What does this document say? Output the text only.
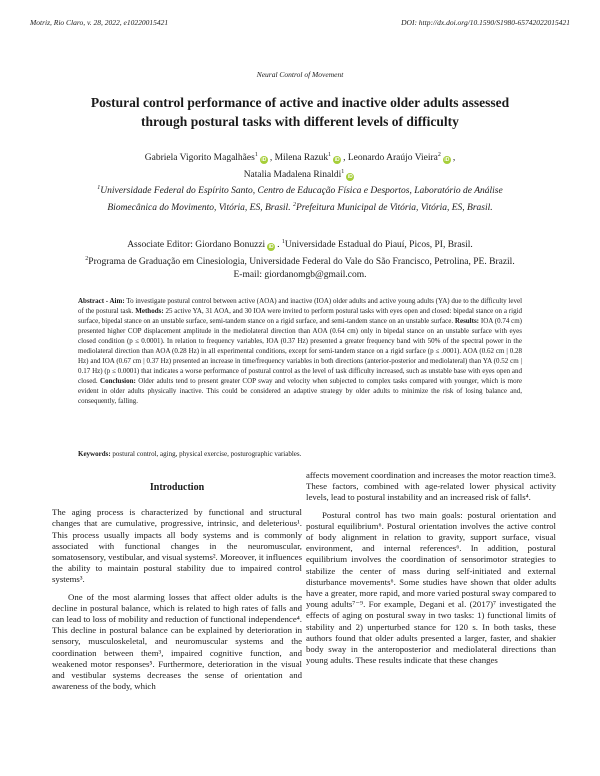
Motriz, Rio Claro, v. 28, 2022, e10220015421	DOI: http://dx.doi.org/10.1590/S1980-65742022015421
Neural Control of Movement
Postural control performance of active and inactive older adults assessed through postural tasks with different levels of difficulty
Gabriela Vigorito Magalhães$^1$iD , Milena Razuk$^1$iD , Leonardo Araújo Vieira$^2$iD ,
Natalia Madalena Rinaldi$^1$iD
$^1$Universidade Federal do Espírito Santo, Centro de Educação Física e Desportos, Laboratório de Análise Biomecânica do Movimento, Vitória, ES, Brasil. $^2$Prefeitura Municipal de Vitória, Vitória, ES, Brasil.
Associate Editor: Giordano Bonuzzi iD . $^1$Universidade Estadual do Piauí, Picos, PI, Brasil.
$^2$Programa de Graduação em Cinesiologia, Universidade Federal do Vale do São Francisco, Petrolina, PE. Brazil. E-mail: giordanomgb@gmail.com.
Abstract - Aim: To investigate postural control between active (AOA) and inactive (IOA) older adults and active young adults (YA) due to the difficulty level of the postural task. Methods: 25 active YA, 31 AOA, and 30 IOA were invited to perform postural tasks with eyes open and closed: bipedal stance on a rigid surface, bipedal stance on an unstable surface, semi-tandem stance on a rigid surface, and semi-tandem stance on an unstable surface. Results: IOA (0.74 cm) presented higher COP displacement amplitude in the mediolateral direction than AOA (0.64 cm) only in bipedal stance on an unstable surface with eyes closed condition (p ≤ 0.0001). In relation to frequency variables, IOA (0.37 Hz) presented a greater frequency band with 50% of the spectral power in the mediolateral direction than AOA (0.28 Hz) in all experimental conditions, except for semi-tandem stance on a rigid surface (p ≤ .0001). AOA (0.62 cm | 0.28 Hz) and IOA (0.67 cm | 0.37 Hz) presented an increase in time/frequency variables in both directions (anterior-posterior and mediolateral) than YA (0.52 cm | 0.17 Hz) (p ≤ 0.0001) that indicates a worse performance of postural control as the level of task difficulty increased, such as unstable base with eyes open and closed. Conclusion: Older adults tend to present greater COP sway and velocity when subjected to complex tasks compared with younger, which is more evident in older adults physically inactive. This could be considered an adaptive strategy by older adults to minimize the risk of losing balance and, consequently, falling.
Keywords: postural control, aging, physical exercise, posturographic variables.
Introduction

The aging process is characterized by functional and structural changes that are cumulative, progressive, intrinsic, and deleterious¹. This process usually impacts all body systems and is commonly associated with functional changes in the neuromuscular, somatosensory, vestibular, and visual systems². Moreover, it influences the ability to maintain postural stability due to impaired control systems³.

One of the most alarming losses that affect older adults is the decline in postural balance, which is related to high rates of falls and can lead to loss of mobility and reduction of functional independence⁴. This decline in postural balance can be explained by deterioration in sensory, musculoskeletal, and neuromuscular systems and the coordination between them³, impaired cognitive function, and weakened motor responses⁵. Furthermore, deterioration in the visual and vestibular systems decreases the sense of orientation and awareness of the body, which

affects movement coordination and increases the motor reaction time3. These factors, combined with age-related lower physical activity levels, lead to postural instability and an increased risk of falls⁴.

Postural control has two main goals: postural orientation and postural equilibrium⁶. Postural orientation involves the active control of body alignment in relation to gravity, support surface, visual environment, and internal references⁶. In addition, postural equilibrium involves the coordination of sensorimotor strategies to stabilize the center of mass during self-initiated and external disturbance movements⁶. Some studies have shown that older adults have a greater, more rapid, and more varied postural sway compared to young adults⁷⁻⁹. For example, Degani et al. (2017)⁷ investigated the effects of aging on postural sway in two tasks: 1) functional limits of stability and 2) unperturbed stance for 120 s. In both tasks, these authors found that older adults presented a larger, faster, and shakier body sway in the anteroposterior and mediolateral directions than young adults. These results indicate that these changes
